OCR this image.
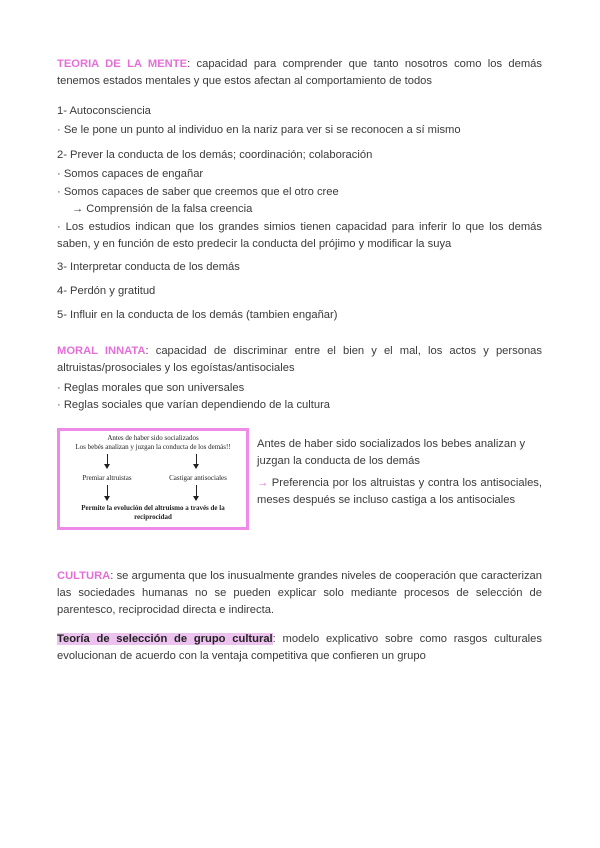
TEORIA DE LA MENTE: capacidad para comprender que tanto nosotros como los demás tenemos estados mentales y que estos afectan al comportamiento de todos
1- Autoconsciencia
· Se le pone un punto al individuo en la nariz para ver si se reconocen a sí mismo
2- Prever la conducta de los demás; coordinación; colaboración
· Somos capaces de engañar
· Somos capaces de saber que creemos que el otro cree
→ Comprensión de la falsa creencia
· Los estudios indican que los grandes simios tienen capacidad para inferir lo que los demás saben, y en función de esto predecir la conducta del prójimo y modificar la suya
3- Interpretar conducta de los demás
4- Perdón y gratitud
5- Influir en la conducta de los demás (tambien engañar)
MORAL INNATA: capacidad de discriminar entre el bien y el mal, los actos y personas altruistas/prosociales y los egoístas/antisociales
· Reglas morales que son universales
· Reglas sociales que varían dependiendo de la cultura
Antes de haber sido socializados
Los bebés analizan y juzgan la conducta de los demás!!
Premiar altruistas	Castigar antisociales
Permite la evolución del altruismo a través de la
reciprocidad
Antes de haber sido socializados los bebes analizan y juzgan la conducta de los demás
→ Preferencia por los altruistas y contra los antisociales, meses después se incluso castiga a los antisociales
CULTURA: se argumenta que los inusualmente grandes niveles de cooperación que caracterizan las sociedades humanas no se pueden explicar solo mediante procesos de selección de parentesco, reciprocidad directa e indirecta.
Teoría de selección de grupo cultural: modelo explicativo sobre como rasgos culturales evolucionan de acuerdo con la ventaja competitiva que confieren un grupo
